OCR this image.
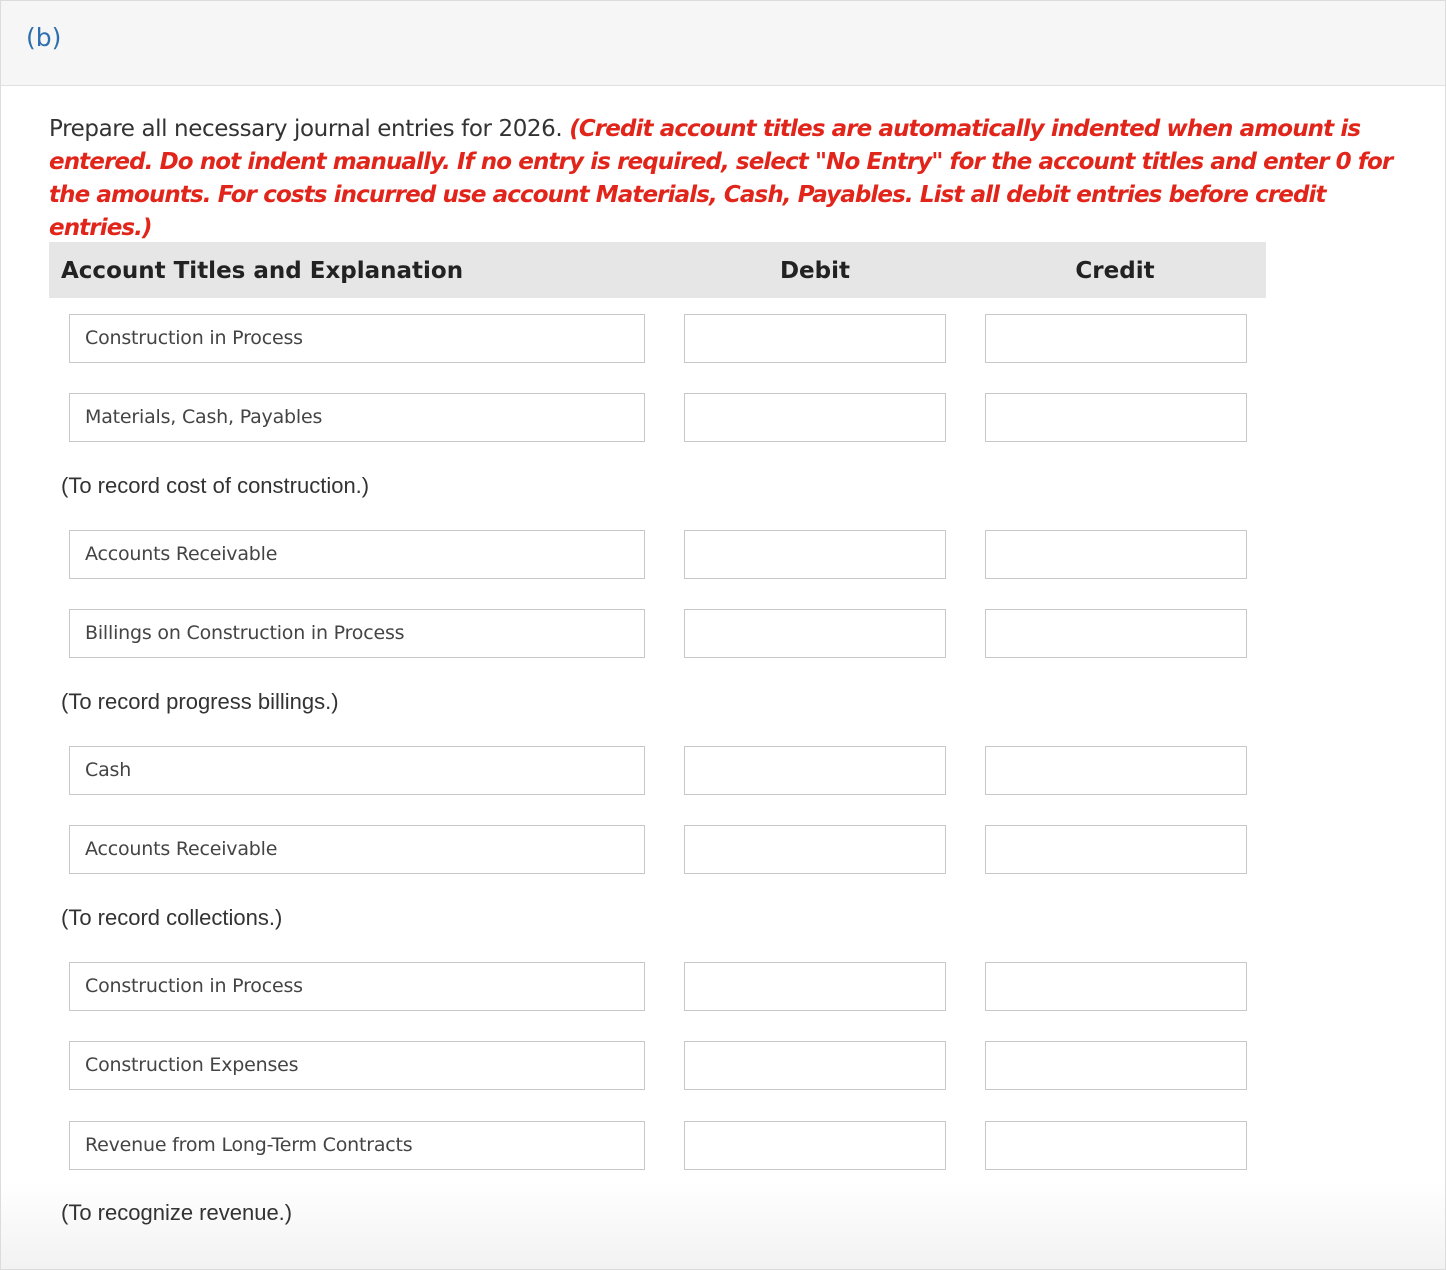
(b)
Prepare all necessary journal entries for 2026. (Credit account titles are automatically indented when amount is entered. Do not indent manually. If no entry is required, select "No Entry" for the account titles and enter 0 for the amounts. For costs incurred use account Materials, Cash, Payables. List all debit entries before credit entries.)
Account Titles and Explanation	Debit	Credit
Construction in Process
Materials, Cash, Payables
(To record cost of construction.)
Accounts Receivable
Billings on Construction in Process
(To record progress billings.)
Cash
Accounts Receivable
(To record collections.)
Construction in Process
Construction Expenses
Revenue from Long-Term Contracts
(To recognize revenue.)
